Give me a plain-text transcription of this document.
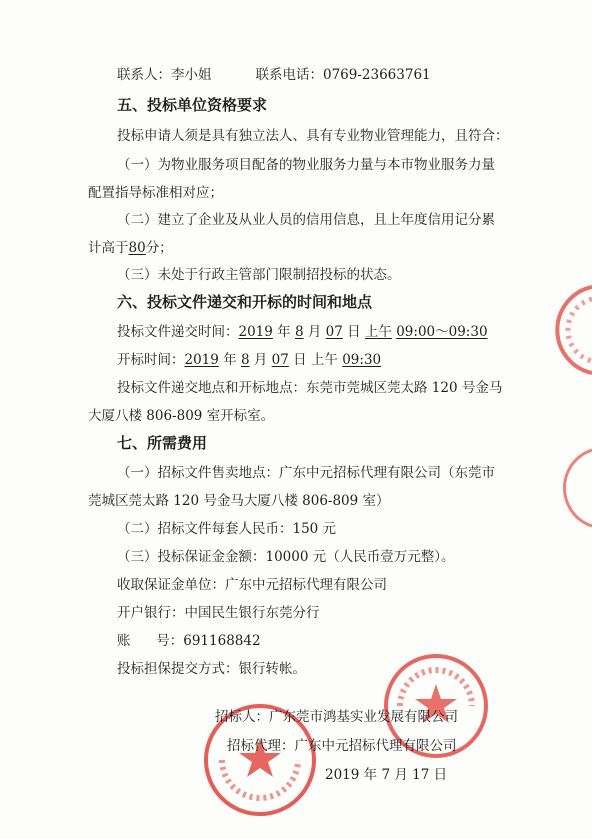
联系人：李小姐	联系电话：0769-23663761
五、投标单位资格要求
投标申请人须是具有独立法人、具有专业物业管理能力，且符合：
（一）为物业服务项目配备的物业服务力量与本市物业服务力量
配置指导标准相对应；
（二）建立了企业及从业人员的信用信息，且上年度信用记分累
计高于80分；
（三）未处于行政主管部门限制招投标的状态。
六、投标文件递交和开标的时间和地点
投标文件递交时间：2019 年 8 月 07 日 上午 09:00～09:30
开标时间：2019 年 8 月 07 日 上午 09:30
投标文件递交地点和开标地点：东莞市莞城区莞太路 120 号金马
大厦八楼 806-809 室开标室。
七、所需费用
（一）招标文件售卖地点：广东中元招标代理有限公司（东莞市
莞城区莞太路 120 号金马大厦八楼 806-809 室）
（二）招标文件每套人民币：150 元
（三）投标保证金金额：10000 元（人民币壹万元整）。
收取保证金单位：广东中元招标代理有限公司
开户银行：中国民生银行东莞分行
账      号：691168842
投标担保提交方式：银行转帐。
招标人：广东莞市鸿基实业发展有限公司
招标代理：广东中元招标代理有限公司
2019 年 7 月 17 日
